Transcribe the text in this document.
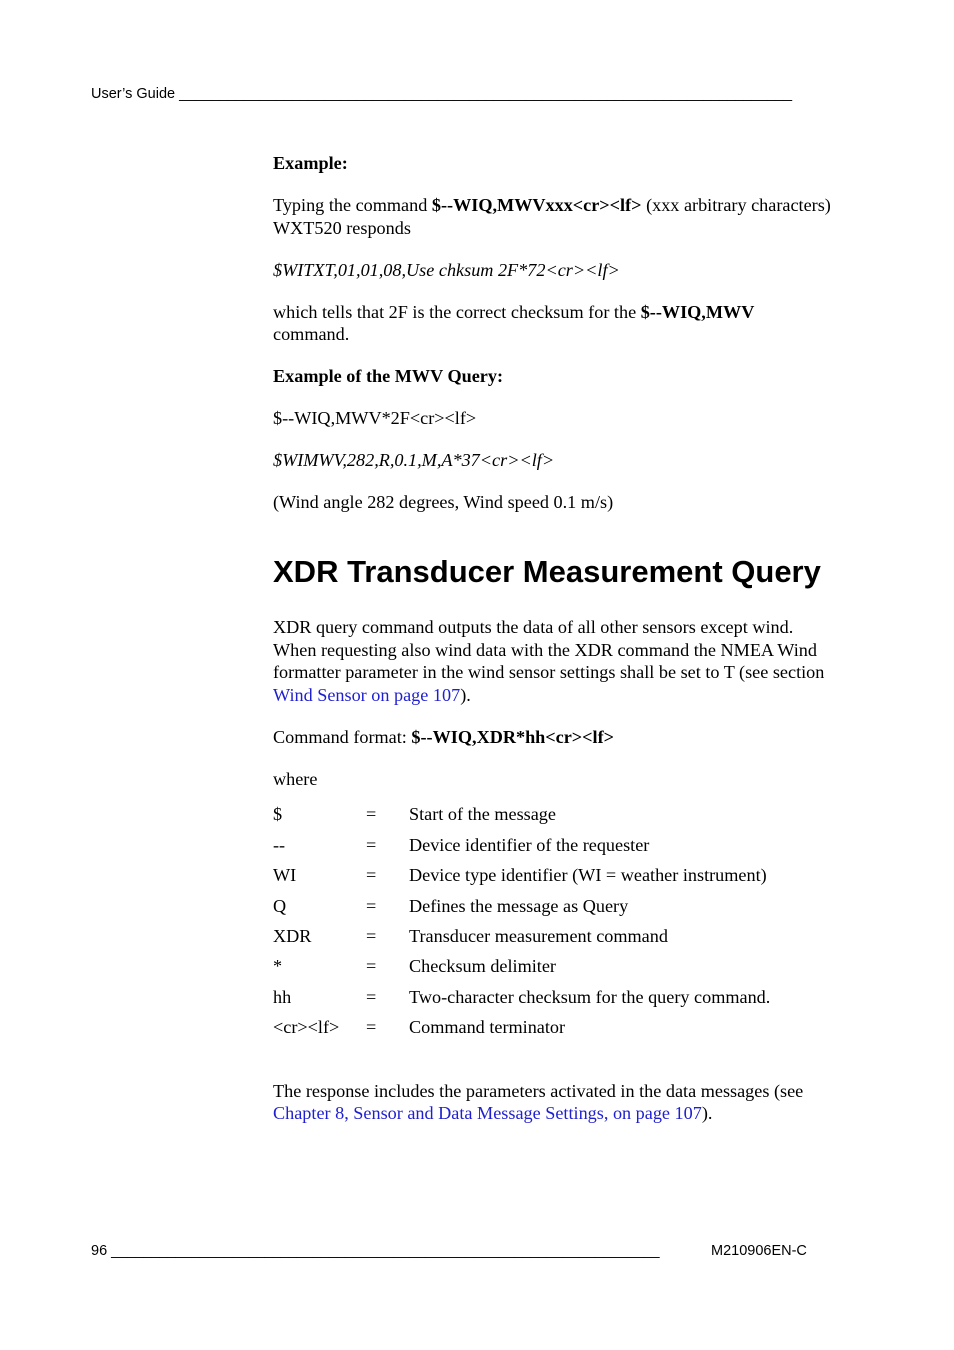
User’s Guide ____________________________________________________________________________

Example:

Typing the command $--WIQ,MWVxxx<cr><lf> (xxx arbitrary characters) WXT520 responds

$WITXT,01,01,08,Use chksum 2F*72<cr><lf>

which tells that 2F is the correct checksum for the $--WIQ,MWV command.

Example of the MWV Query:

$--WIQ,MWV*2F<cr><lf>

$WIMWV,282,R,0.1,M,A*37<cr><lf>

(Wind angle 282 degrees, Wind speed 0.1 m/s)

XDR Transducer Measurement Query

XDR query command outputs the data of all other sensors except wind. When requesting also wind data with the XDR command the NMEA Wind formatter parameter in the wind sensor settings shall be set to T (see section Wind Sensor on page 107).

Command format: $--WIQ,XDR*hh<cr><lf>

where

$	=	Start of the message
--	=	Device identifier of the requester
WI	=	Device type identifier (WI = weather instrument)
Q	=	Defines the message as Query
XDR	=	Transducer measurement command
*	=	Checksum delimiter
hh	=	Two-character checksum for the query command.
<cr><lf>	=	Command terminator

The response includes the parameters activated in the data messages (see Chapter 8, Sensor and Data Message Settings, on page 107).

96 ____________________________________________________________________	M210906EN-C
